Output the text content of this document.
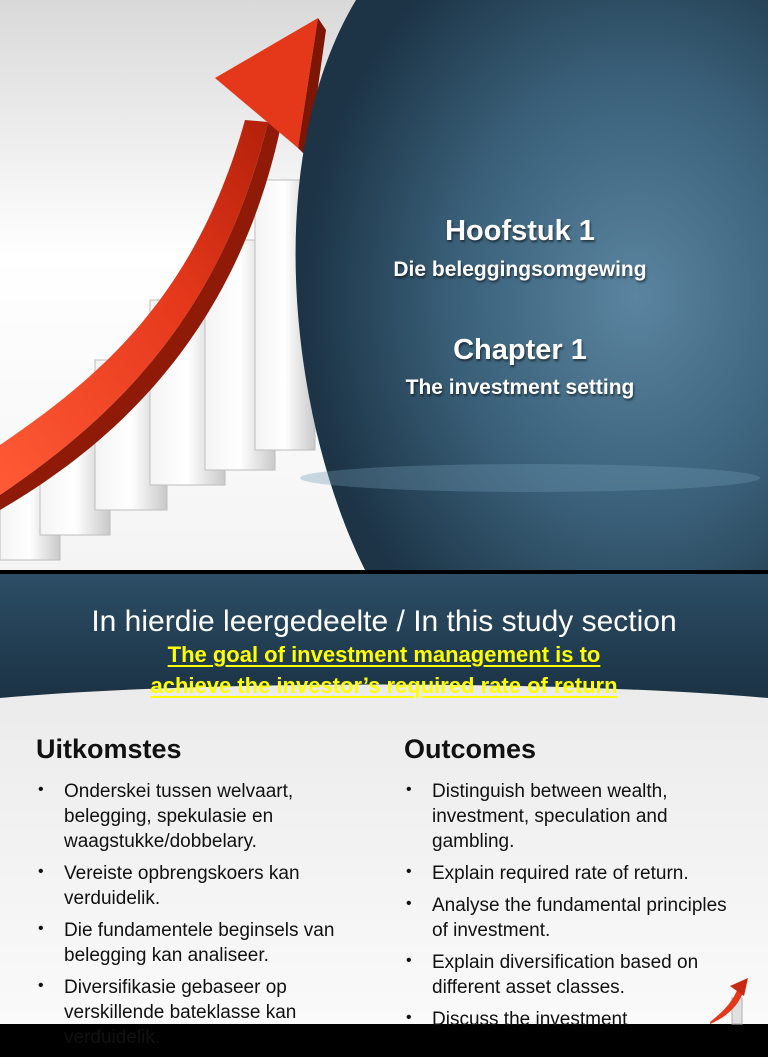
Hoofstuk 1
Die beleggingsomgewing
Chapter 1
The investment setting
In hierdie leergedeelte / In this study section
The goal of investment management is to
achieve the investor’s required rate of return
Uitkomstes
• Onderskei tussen welvaart, belegging, spekulasie en waagstukke/dobbelary.
• Vereiste opbrengskoers kan verduidelik.
• Die fundamentele beginsels van belegging kan analiseer.
• Diversifikasie gebaseer op verskillende bateklasse kan verduidelik.
Outcomes
• Distinguish between wealth, investment, speculation and gambling.
• Explain required rate of return.
• Analyse the fundamental principles of investment.
• Explain diversification based on different asset classes.
• Discuss the investment
